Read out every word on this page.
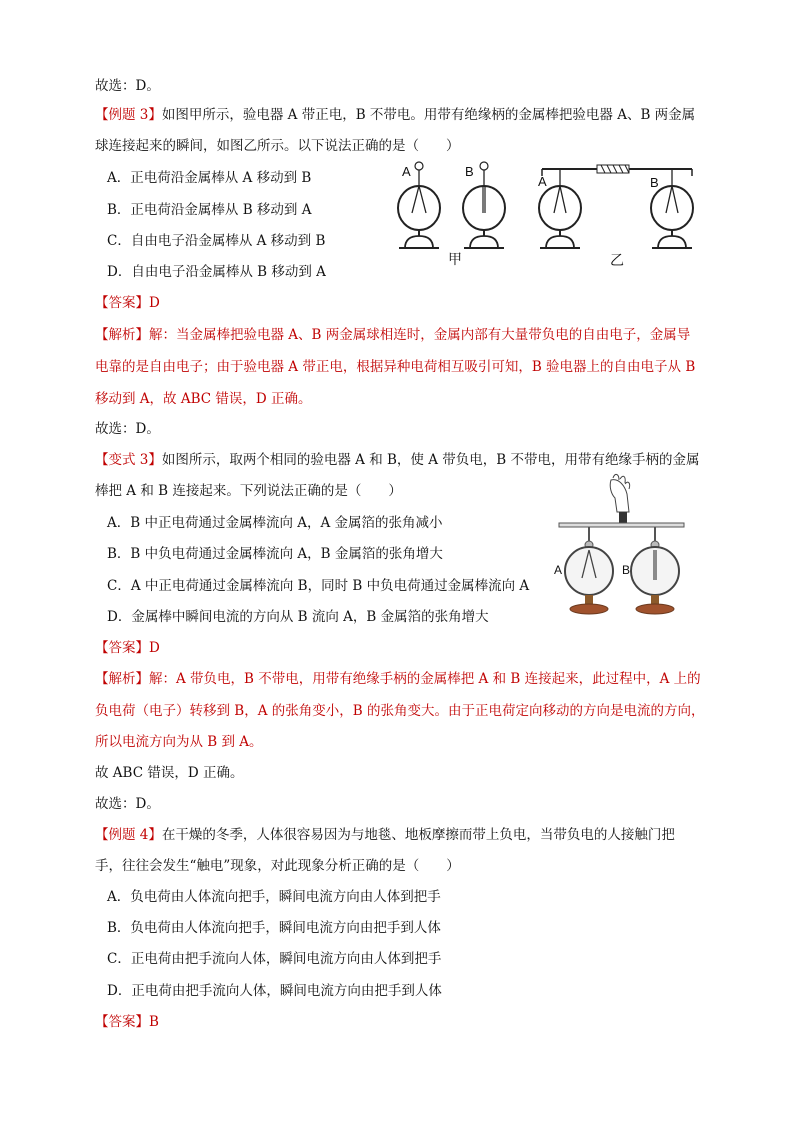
故选：D。
【例题 3】如图甲所示，验电器 A 带正电，B 不带电。用带有绝缘柄的金属棒把验电器 A、B 两金属
球连接起来的瞬间，如图乙所示。以下说法正确的是（　　）
A．正电荷沿金属棒从 A 移动到 B
B．正电荷沿金属棒从 B 移动到 A
C．自由电子沿金属棒从 A 移动到 B
D．自由电子沿金属棒从 B 移动到 A
A	B
A	B
甲	乙
【答案】D
【解析】解：当金属棒把验电器 A、B 两金属球相连时，金属内部有大量带负电的自由电子，金属导
电靠的是自由电子；由于验电器 A 带正电，根据异种电荷相互吸引可知，B 验电器上的自由电子从 B
移动到 A，故 ABC 错误，D 正确。
故选：D。
【变式 3】如图所示，取两个相同的验电器 A 和 B，使 A 带负电，B 不带电，用带有绝缘手柄的金属
棒把 A 和 B 连接起来。下列说法正确的是（　　）
A．B 中正电荷通过金属棒流向 A，A 金属箔的张角减小
B．B 中负电荷通过金属棒流向 A，B 金属箔的张角增大
C．A 中正电荷通过金属棒流向 B，同时 B 中负电荷通过金属棒流向 A
D．金属棒中瞬间电流的方向从 B 流向 A，B 金属箔的张角增大
A	B
【答案】D
【解析】解：A 带负电，B 不带电，用带有绝缘手柄的金属棒把 A 和 B 连接起来，此过程中，A 上的
负电荷（电子）转移到 B，A 的张角变小，B 的张角变大。由于正电荷定向移动的方向是电流的方向，
所以电流方向为从 B 到 A。
故 ABC 错误，D 正确。
故选：D。
【例题 4】在干燥的冬季，人体很容易因为与地毯、地板摩擦而带上负电，当带负电的人接触门把
手，往往会发生“触电”现象，对此现象分析正确的是（　　）
A．负电荷由人体流向把手，瞬间电流方向由人体到把手
B．负电荷由人体流向把手，瞬间电流方向由把手到人体
C．正电荷由把手流向人体，瞬间电流方向由人体到把手
D．正电荷由把手流向人体，瞬间电流方向由把手到人体
【答案】B
